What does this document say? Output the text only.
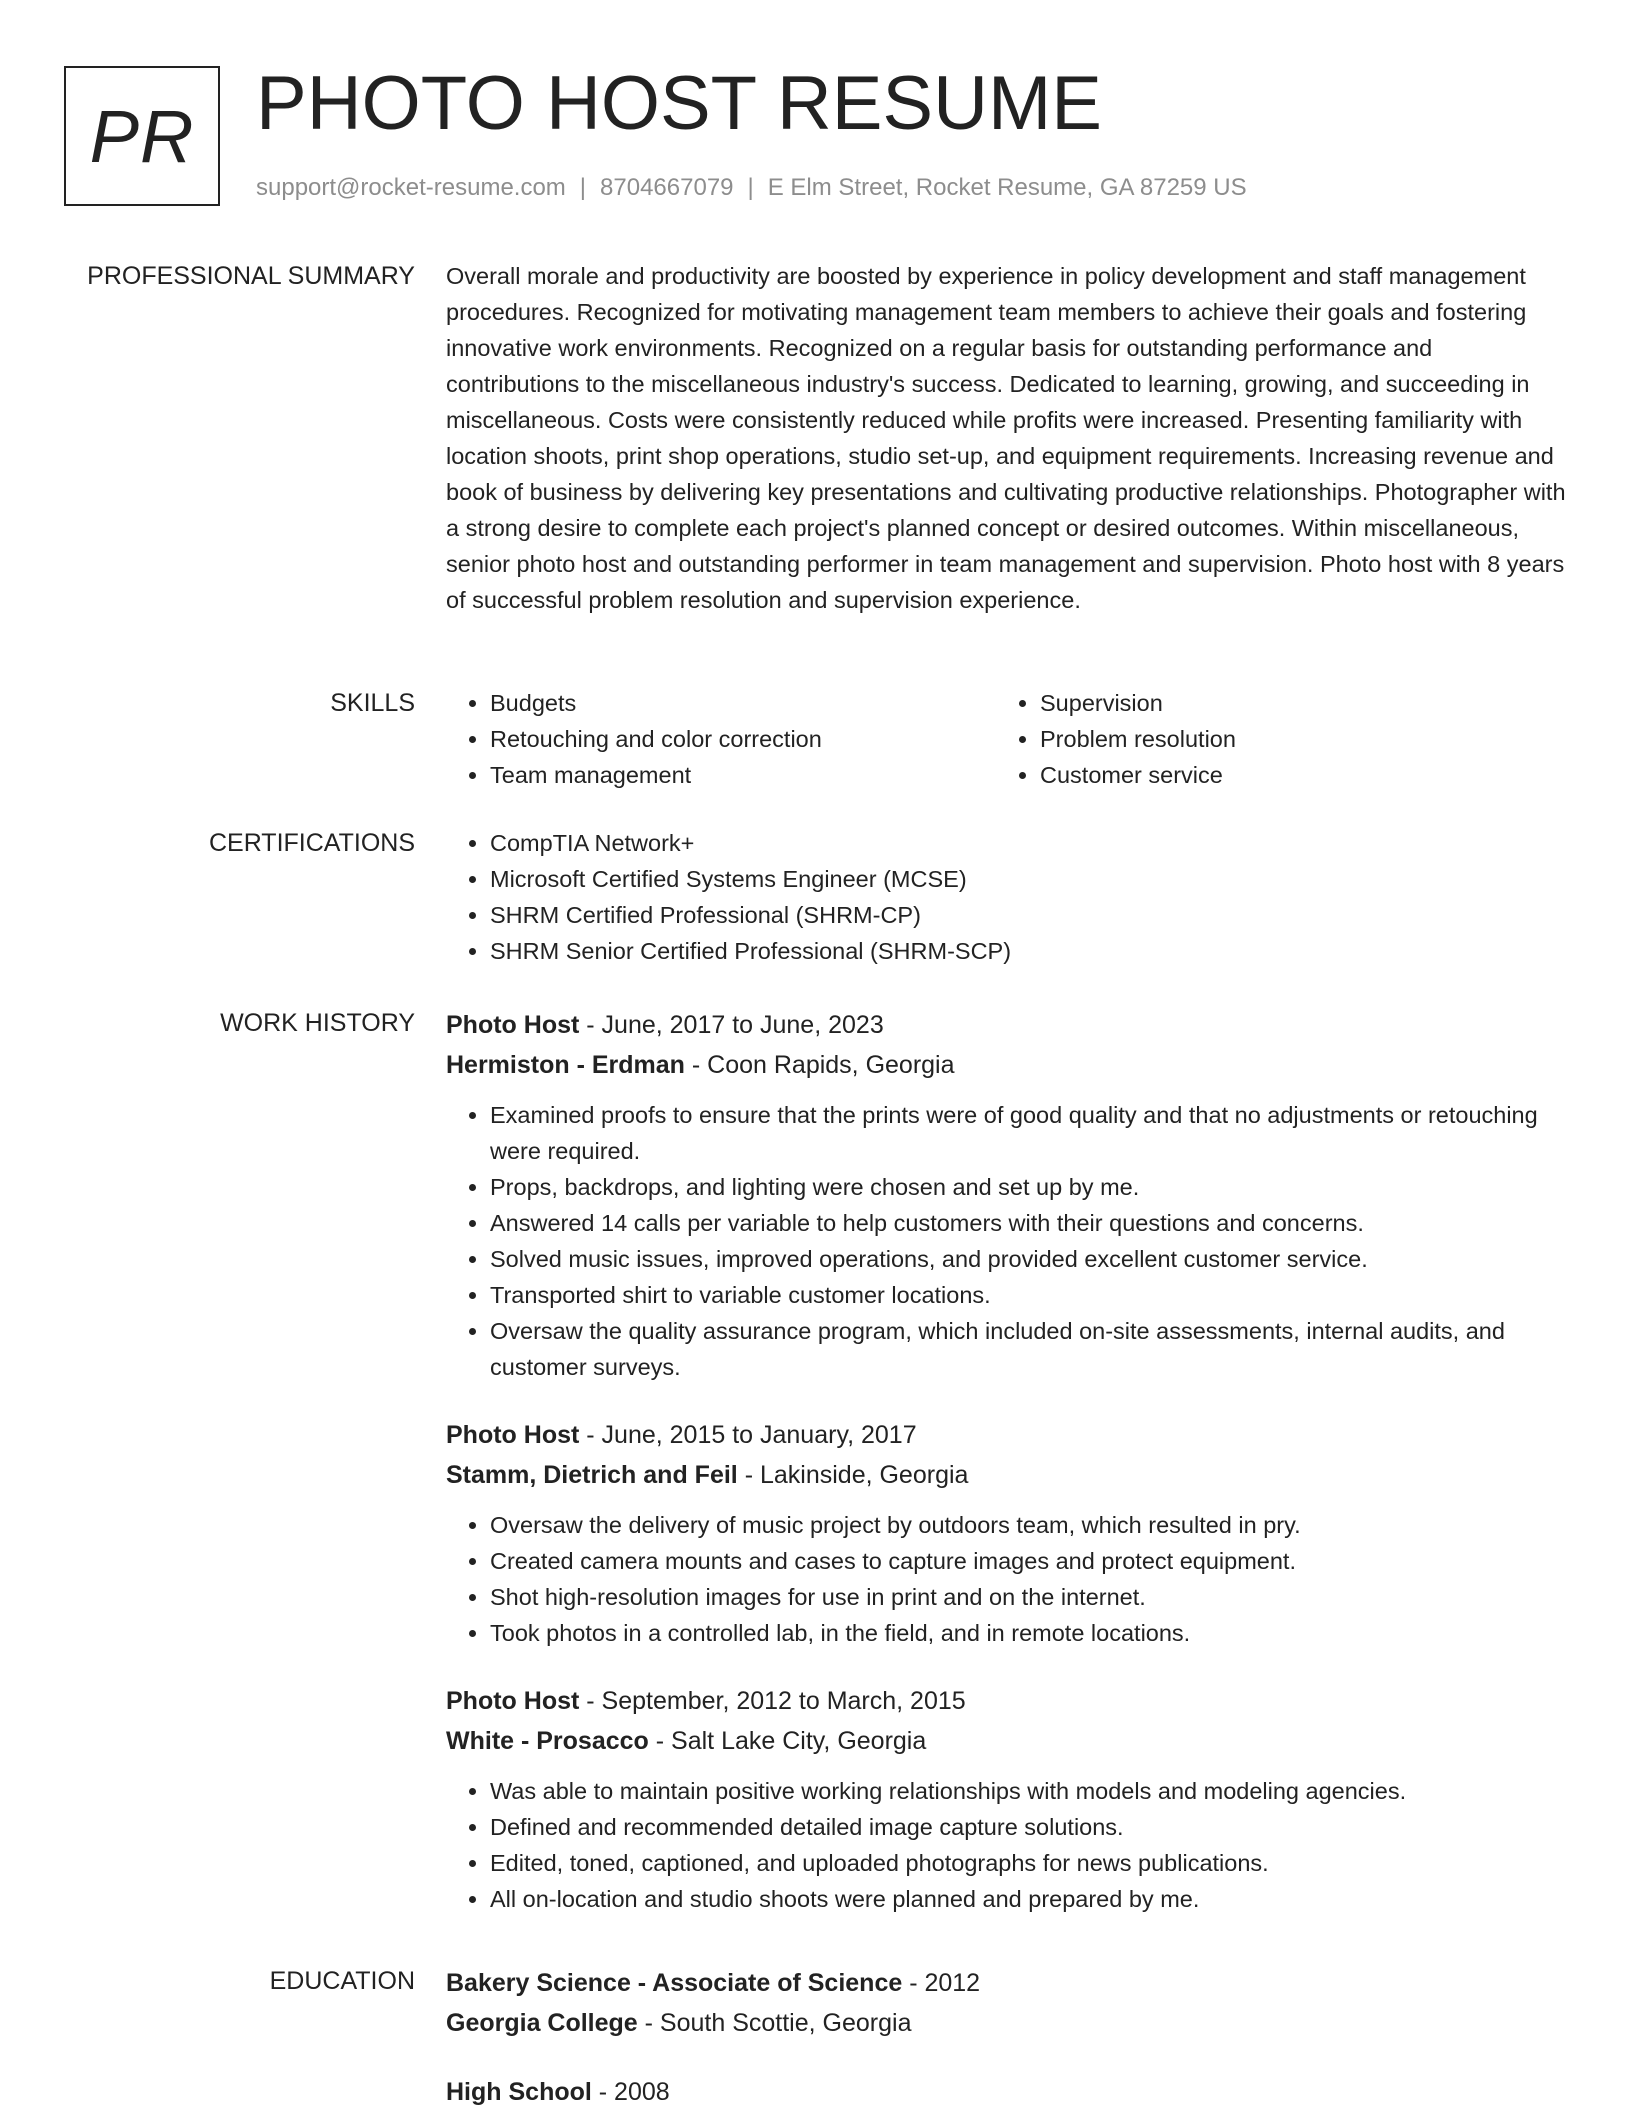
PR PHOTO HOST RESUME
support@rocket-resume.com | 8704667079 | E Elm Street, Rocket Resume, GA 87259 US
PROFESSIONAL SUMMARY Overall morale and productivity are boosted by experience in policy development and staff management procedures. Recognized for motivating management team members to achieve their goals and fostering innovative work environments. Recognized on a regular basis for outstanding performance and contributions to the miscellaneous industry's success. Dedicated to learning, growing, and succeeding in miscellaneous. Costs were consistently reduced while profits were increased. Presenting familiarity with location shoots, print shop operations, studio set-up, and equipment requirements. Increasing revenue and book of business by delivering key presentations and cultivating productive relationships. Photographer with a strong desire to complete each project's planned concept or desired outcomes. Within miscellaneous, senior photo host and outstanding performer in team management and supervision. Photo host with 8 years of successful problem resolution and supervision experience.

SKILLS	• Budgets
• Retouching and color correction
• Team management
• Supervision
• Problem resolution
• Customer service
CERTIFICATIONS	• CompTIA Network+
• Microsoft Certified Systems Engineer (MCSE)
• SHRM Certified Professional (SHRM-CP)
• SHRM Senior Certified Professional (SHRM-SCP)
WORK HISTORY Photo Host - June, 2017 to June, 2023
Hermiston - Erdman - Coon Rapids, Georgia
• Examined proofs to ensure that the prints were of good quality and that no adjustments or retouching were required.
• Props, backdrops, and lighting were chosen and set up by me.
• Answered 14 calls per variable to help customers with their questions and concerns.
• Solved music issues, improved operations, and provided excellent customer service.
• Transported shirt to variable customer locations.
• Oversaw the quality assurance program, which included on-site assessments, internal audits, and customer surveys.
Photo Host - June, 2015 to January, 2017
Stamm, Dietrich and Feil - Lakinside, Georgia
• Oversaw the delivery of music project by outdoors team, which resulted in pry.
• Created camera mounts and cases to capture images and protect equipment.
• Shot high-resolution images for use in print and on the internet.
• Took photos in a controlled lab, in the field, and in remote locations.
Photo Host - September, 2012 to March, 2015
White - Prosacco - Salt Lake City, Georgia
• Was able to maintain positive working relationships with models and modeling agencies.
• Defined and recommended detailed image capture solutions.
• Edited, toned, captioned, and uploaded photographs for news publications.
• All on-location and studio shoots were planned and prepared by me.
EDUCATION Bakery Science - Associate of Science - 2012
Georgia College - South Scottie, Georgia
High School - 2008
